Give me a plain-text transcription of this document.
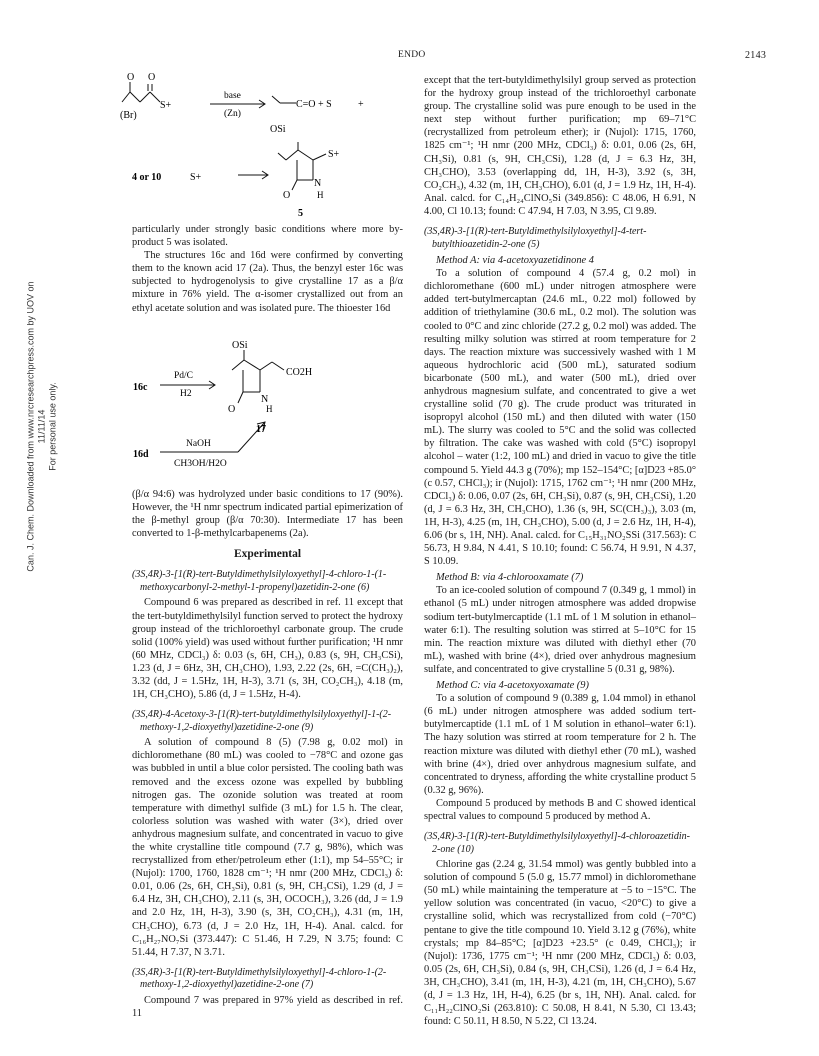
ENDO	2143
Can. J. Chem. Downloaded from www.nrcresearchpress.com by UOV on 11/11/14 For personal use only.
O O
S+
(Br)
base
(Zn)
C=O + S	+
OSi
S+
4 or 10	S+
N
H
O
5

particularly under strongly basic conditions where more by-product 5 was isolated.

The structures 16c and 16d were confirmed by converting them to the known acid 17 (2a). Thus, the benzyl ester 16c was subjected to hydrogenolysis to give crystalline 17 as a β/α mixture in 76% yield. The α-isomer crystallized out from an ethyl acetate solution and was isolated pure. The thioester 16d

OSi
16c
Pd/C
H2
CO2H
O
N
H
17
16d
NaOH
CH3OH/H2O

(β/α 94:6) was hydrolyzed under basic conditions to 17 (90%). However, the ¹H nmr spectrum indicated partial epimerization of the β-methyl group (β/α 70:30). Intermediate 17 has been converted to 1-β-methylcarbapenems (2a).

Experimental

(3S,4R)-3-[1(R)-tert-Butyldimethylsilyloxyethyl]-4-chloro-1-(1-methoxycarbonyl-2-methyl-1-propenyl)azetidin-2-one (6)

Compound 6 was prepared as described in ref. 11 except that the tert-butyldimethylsilyl function served to protect the hydroxy group instead of the trichloroethyl carbonate group. The crude solid (100% yield) was used without further purification; ¹H nmr (60 MHz, CDCl₃) δ: 0.03 (s, 6H, CH₃), 0.83 (s, 9H, CH₃CSi), 1.23 (d, J = 6Hz, 3H, CH₃CHO), 1.93, 2.22 (2s, 6H, =C(CH₃)₂), 3.32 (dd, J = 1.5Hz, 1H, H-3), 3.71 (s, 3H, CO₂CH₃), 4.18 (m, 1H, CH₃CHO), 5.86 (d, J = 1.5Hz, H-4).

(3S,4R)-4-Acetoxy-3-[1(R)-tert-butyldimethylsilyloxyethyl]-1-(2-methoxy-1,2-dioxyethyl)azetidine-2-one (9)

A solution of compound 8 (5) (7.98 g, 0.02 mol) in dichloromethane (80 mL) was cooled to −78°C and ozone gas was bubbled in until a blue color persisted. The cooling bath was removed and the excess ozone was expelled by bubbling nitrogen gas. The ozonide solution was treated at room temperature with dimethyl sulfide (3 mL) for 1.5 h. The clear, colorless solution was washed with water (3×), dried over anhydrous magnesium sulfate, and concentrated in vacuo to give the white crystalline title compound (7.7 g, 98%), which was recrystallized from ether/petroleum ether (1:1), mp 54–55°C; ir (Nujol): 1700, 1760, 1828 cm⁻¹; ¹H nmr (200 MHz, CDCl₃) δ: 0.01, 0.06 (2s, 6H, CH₃Si), 0.81 (s, 9H, CH₃CSi), 1.29 (d, J = 6.4 Hz, 3H, CH₃CHO), 2.11 (s, 3H, OCOCH₃), 3.26 (dd, J = 1.9 and 2.0 Hz, 1H, H-3), 3.90 (s, 3H, CO₂CH₃), 4.31 (m, 1H, CH₃CHO), 6.73 (d, J = 2.0 Hz, 1H, H-4). Anal. calcd. for C₁₆H₂₇NO₇Si (373.447): C 51.46, H 7.29, N 3.75; found: C 51.44, H 7.37, N 3.71.

(3S,4R)-3-[1(R)-tert-Butyldimethylsilyloxyethyl]-4-chloro-1-(2-methoxy-1,2-dioxyethyl)azetidine-2-one (7)

Compound 7 was prepared in 97% yield as described in ref. 11

except that the tert-butyldimethylsilyl group served as protection for the hydroxy group instead of the trichloroethyl carbonate group. The crystalline solid was pure enough to be used in the next step without further purification; mp 69–71°C (recrystallized from petroleum ether); ir (Nujol): 1715, 1760, 1825 cm⁻¹; ¹H nmr (200 MHz, CDCl₃) δ: 0.01, 0.06 (2s, 6H, CH₃Si), 0.81 (s, 9H, CH₃CSi), 1.28 (d, J = 6.3 Hz, 3H, CH₃CHO), 3.53 (overlapping dd, 1H, H-3), 3.92 (s, 3H, CO₂CH₃), 4.32 (m, 1H, CH₃CHO), 6.01 (d, J = 1.9 Hz, 1H, H-4). Anal. calcd. for C₁₄H₂₄ClNO₅Si (349.856): C 48.06, H 6.91, N 4.00, Cl 10.13; found: C 47.94, H 7.03, N 3.95, Cl 9.89.

(3S,4R)-3-[1(R)-tert-Butyldimethylsilyloxyethyl]-4-tert-butylthioazetidin-2-one (5)

Method A: via 4-acetoxyazetidinone 4

To a solution of compound 4 (57.4 g, 0.2 mol) in dichloromethane (600 mL) under nitrogen atmosphere were added tert-butylmercaptan (24.6 mL, 0.22 mol) followed by addition of triethylamine (30.6 mL, 0.2 mol). The solution was cooled to 0°C and zinc chloride (27.2 g, 0.2 mol) was added. The resulting milky solution was stirred at room temperature for 2 days. The reaction mixture was successively washed with 1 M aqueous hydrochloric acid (500 mL), saturated sodium bicarbonate (500 mL), and water (500 mL), dried over anhydrous magnesium sulfate, and concentrated to give a wet crystalline solid (70 g). The crude product was triturated in isopropyl alcohol (150 mL) and then diluted with water (150 mL). The slurry was cooled to 5°C and the solid was collected by filtration. The cake was washed with cold (5°C) isopropyl alcohol – water (1:2, 100 mL) and dried in vacuo to give the title compound 5. Yield 44.3 g (70%); mp 152–154°C; [α]D23 +85.0° (c 0.57, CHCl₃); ir (Nujol): 1715, 1762 cm⁻¹; ¹H nmr (200 MHz, CDCl₃) δ: 0.06, 0.07 (2s, 6H, CH₃Si), 0.87 (s, 9H, CH₃CSi), 1.20 (d, J = 6.3 Hz, 3H, CH₃CHO), 1.36 (s, 9H, SC(CH₃)₃), 3.03 (m, 1H, H-3), 4.25 (m, 1H, CH₃CHO), 5.00 (d, J = 2.6 Hz, 1H, H-4), 6.06 (br s, 1H, NH). Anal. calcd. for C₁₅H₃₁NO₂SSi (317.563): C 56.73, H 9.84, N 4.41, S 10.10; found: C 56.74, H 9.91, N 4.37, S 10.09.

Method B: via 4-chlorooxamate (7)

To an ice-cooled solution of compound 7 (0.349 g, 1 mmol) in ethanol (5 mL) under nitrogen atmosphere was added dropwise sodium tert-butylmercaptide (1.1 mL of 1 M solution in ethanol–water 6:1). The resulting solution was stirred at 5–10°C for 15 min. The reaction mixture was diluted with diethyl ether (70 mL), washed with brine (4×), dried over anhydrous magnesium sulfate, and concentrated to give crystalline 5 (0.31 g, 98%).

Method C: via 4-acetoxyoxamate (9)

To a solution of compound 9 (0.389 g, 1.04 mmol) in ethanol (6 mL) under nitrogen atmosphere was added sodium tert-butylmercaptide (1.1 mL of 1 M solution in ethanol–water 6:1). The hazy solution was stirred at room temperature for 2 h. The reaction mixture was diluted with diethyl ether (70 mL), washed with brine (4×), dried over anhydrous magnesium sulfate, and concentrated to dryness, affording the white crystalline product 5 (0.32 g, 96%).

Compound 5 produced by methods B and C showed identical spectral values to compound 5 produced by method A.

(3S,4R)-3-[1(R)-tert-Butyldimethylsilyloxyethyl]-4-chloroazetidin-2-one (10)

Chlorine gas (2.24 g, 31.54 mmol) was gently bubbled into a solution of compound 5 (5.0 g, 15.77 mmol) in dichloromethane (50 mL) while maintaining the temperature at −5 to −15°C. The yellow solution was concentrated (in vacuo, <20°C) to give a crystalline solid, which was recrystallized from cold (−70°C) pentane to give the title compound 10. Yield 3.12 g (76%), white crystals; mp 84–85°C; [α]D23 +23.5° (c 0.49, CHCl₃); ir (Nujol): 1736, 1775 cm⁻¹; ¹H nmr (200 MHz, CDCl₃) δ: 0.03, 0.05 (2s, 6H, CH₃Si), 0.84 (s, 9H, CH₃CSi), 1.26 (d, J = 6.4 Hz, 3H, CH₃CHO), 3.41 (m, 1H, H-3), 4.21 (m, 1H, CH₃CHO), 5.67 (d, J = 1.3 Hz, 1H, H-4), 6.25 (br s, 1H, NH). Anal. calcd. for C₁₁H₂₂ClNO₂Si (263.810): C 50.08, H 8.41, N 5.30, Cl 13.43; found: C 50.11, H 8.50, N 5.22, Cl 13.24.
